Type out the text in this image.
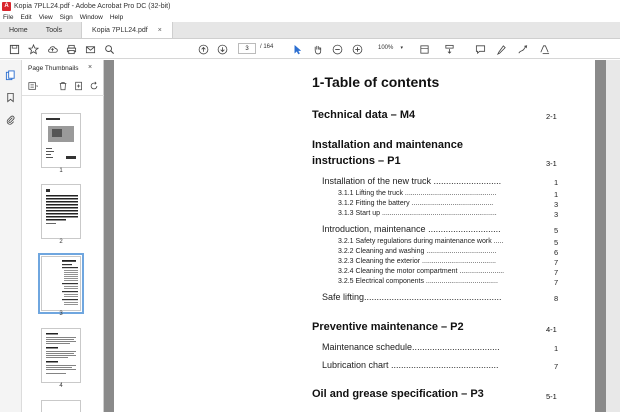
A Kopia 7PLL24.pdf - Adobe Acrobat Pro DC (32-bit)
File Edit View Sign Window Help
Home	Tools	Kopia 7PLL24.pdf ×
3	/ 164	100% ▾
Page Thumbnails ×
1
2
3
4
1-Table of contents
Technical data – M4	2-1
Installation and maintenance
instructions – P1	3-1
Installation of the new truck ...........................	1
3.1.1 Lifting the truck ...............................................	1
3.1.2 Fitting the battery ..........................................	3
3.1.3 Start up ...........................................................	3
Introduction, maintenance .............................	5
3.2.1 Safety regulations during maintenance work .....	5
3.2.2 Cleaning and washing ....................................	6
3.2.3 Cleaning the exterior ......................................	7
3.2.4 Cleaning the motor compartment .......................	7
3.2.5 Electrical components .....................................	7
Safe lifting.......................................................	8
Preventive maintenance – P2	4-1
Maintenance schedule...................................	1
Lubrication chart ...........................................	7
Oil and grease specification – P3	5-1
